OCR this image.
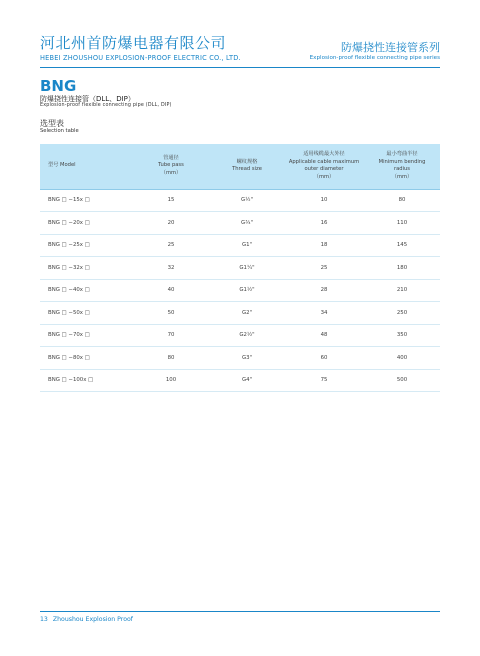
河北州首防爆电器有限公司
HEBEI ZHOUSHOU EXPLOSION-PROOF ELECTRIC CO., LTD.
防爆挠性连接管系列
Explosion-proof flexible connecting pipe series
BNG
防爆挠性连接管（DLL、DIP）
Explosion-proof flexible connecting pipe (DLL, DIP)
选型表
Selection table
型号 Model	管通径
Tube pass
（mm）	螺纹规格
Thread size	适用线缆最大外径
Applicable cable maximum
outer diameter
（mm）	最小弯曲半径
Minimum bending
radius
（mm）

BNG □ −15x □	15	G½"	10	80
BNG □ −20x □	20	G¾"	16	110
BNG □ −25x □	25	G1"	18	145
BNG □ −32x □	32	G1¼"	25	180
BNG □ −40x □	40	G1½"	28	210
BNG □ −50x □	50	G2"	34	250
BNG □ −70x □	70	G2½"	48	350
BNG □ −80x □	80	G3"	60	400
BNG □ −100x □	100	G4"	75	500
13 Zhoushou Explosion Proof
